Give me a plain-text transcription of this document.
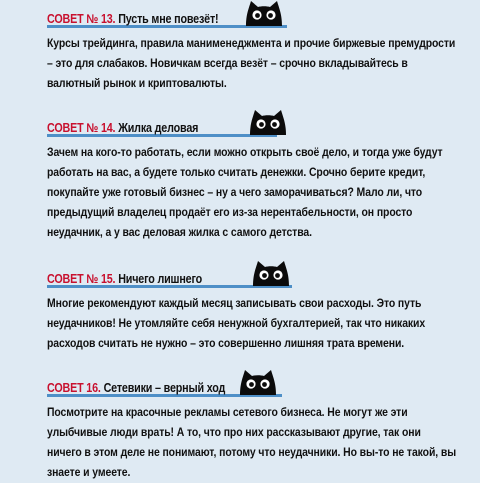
СОВЕТ № 13. Пусть мне повезёт!
Курсы трейдинга, правила манименеджмента и прочие биржевые премудрости – это для слабаков. Новичкам всегда везёт – срочно вкладывайтесь в валютный рынок и криптовалюты.
СОВЕТ № 14. Жилка деловая
Зачем на кого-то работать, если можно открыть своё дело, и тогда уже будут работать на вас, а будете только считать денежки. Срочно берите кредит, покупайте уже готовый бизнес – ну а чего заморачиваться? Мало ли, что предыдущий владелец продаёт его из-за нерентабельности, он просто неудачник, а у вас деловая жилка с самого детства.
СОВЕТ № 15. Ничего лишнего
Многие рекомендуют каждый месяц записывать свои расходы. Это путь неудачников! Не утомляйте себя ненужной бухгалтерией, так что никаких расходов считать не нужно – это совершенно лишняя трата времени.
СОВЕТ 16. Сетевики – верный ход
Посмотрите на красочные рекламы сетевого бизнеса. Не могут же эти улыбчивые люди врать! А то, что про них рассказывают другие, так они ничего в этом деле не понимают, потому что неудачники. Но вы-то не такой, вы знаете и умеете.
